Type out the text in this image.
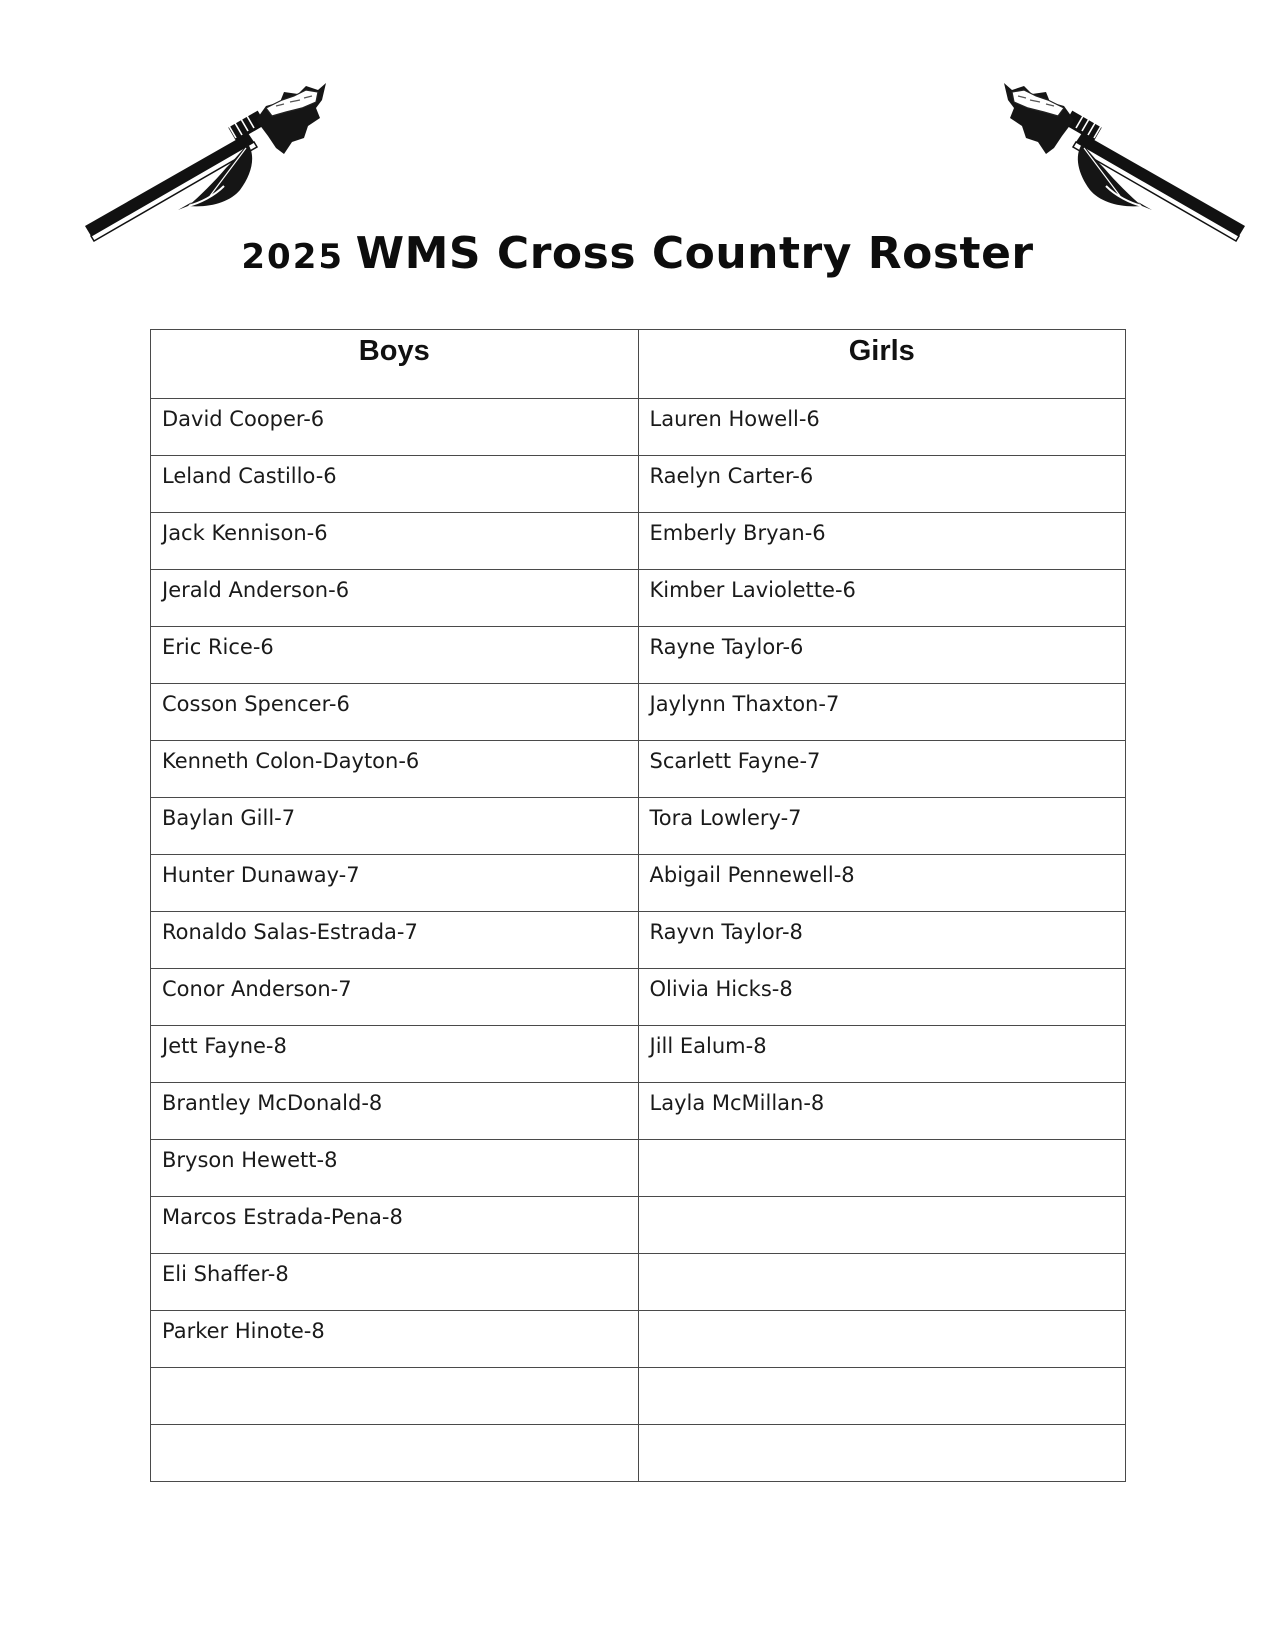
2025 WMS Cross Country Roster
Boys	Girls
David Cooper-6	Lauren Howell-6
Leland Castillo-6	Raelyn Carter-6
Jack Kennison-6	Emberly Bryan-6
Jerald Anderson-6	Kimber Laviolette-6
Eric Rice-6	Rayne Taylor-6
Cosson Spencer-6	Jaylynn Thaxton-7
Kenneth Colon-Dayton-6	Scarlett Fayne-7
Baylan Gill-7	Tora Lowlery-7
Hunter Dunaway-7	Abigail Pennewell-8
Ronaldo Salas-Estrada-7	Rayvn Taylor-8
Conor Anderson-7	Olivia Hicks-8
Jett Fayne-8	Jill Ealum-8
Brantley McDonald-8	Layla McMillan-8
Bryson Hewett-8	
Marcos Estrada-Pena-8	
Eli Shaffer-8	
Parker Hinote-8	
